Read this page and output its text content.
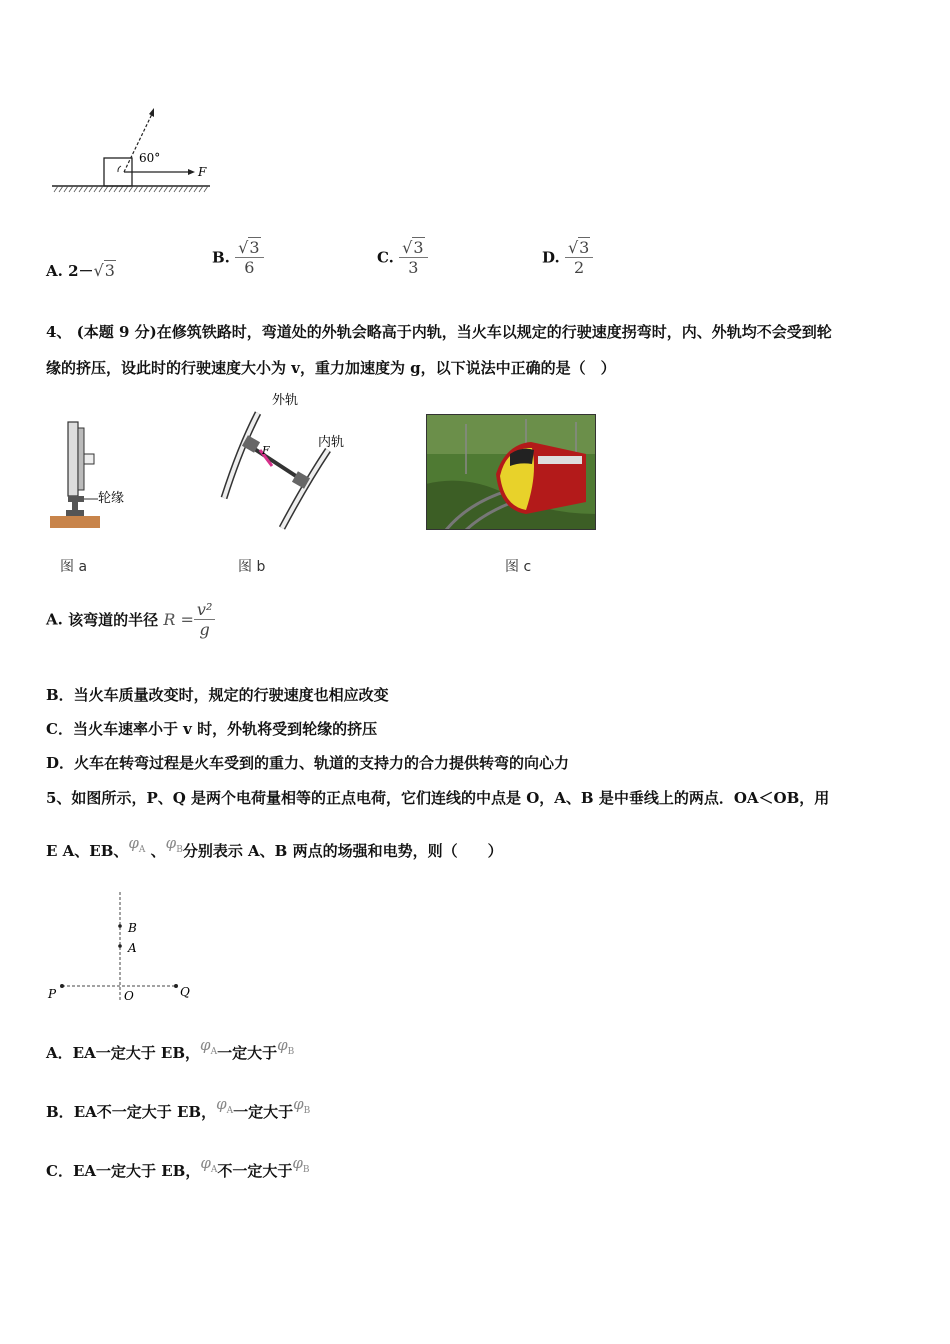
60°
F
A. 2－√3
B. $\frac{√3}{6}$	C. $\frac{√3}{3}$	D. $\frac{√3}{2}$
4、 (本题 9 分)在修筑铁路时，弯道处的外轨会略高于内轨，当火车以规定的行驶速度拐弯时，内、外轨均不会受到轮
缘的挤压，设此时的行驶速度大小为 v，重力加速度为 g，以下说法中正确的是（　）
轮缘
图 a
F
外轨
内轨
图 b	图 c
A. 该弯道的半径 $R = \frac{\text{v²}}{g}$
B．当火车质量改变时，规定的行驶速度也相应改变
C．当火车速率小于 v 时，外轨将受到轮缘的挤压
D．火车在转弯过程是火车受到的重力、轨道的支持力的合力提供转弯的向心力
5、如图所示，P、Q 是两个电荷量相等的正点电荷，它们连线的中点是 O，A、B 是中垂线上的两点．OA＜OB，用
E A、EB、$\varphi_A$ 、$\varphi_B$分别表示 A、B 两点的场强和电势，则（　　）
B
A
P	O	Q
A．EA一定大于 EB，$\varphi_A$一定大于$\varphi_B$
B．EA不一定大于 EB，$\varphi_A$一定大于$\varphi_B$
C．EA一定大于 EB，$\varphi_A$不一定大于$\varphi_B$
